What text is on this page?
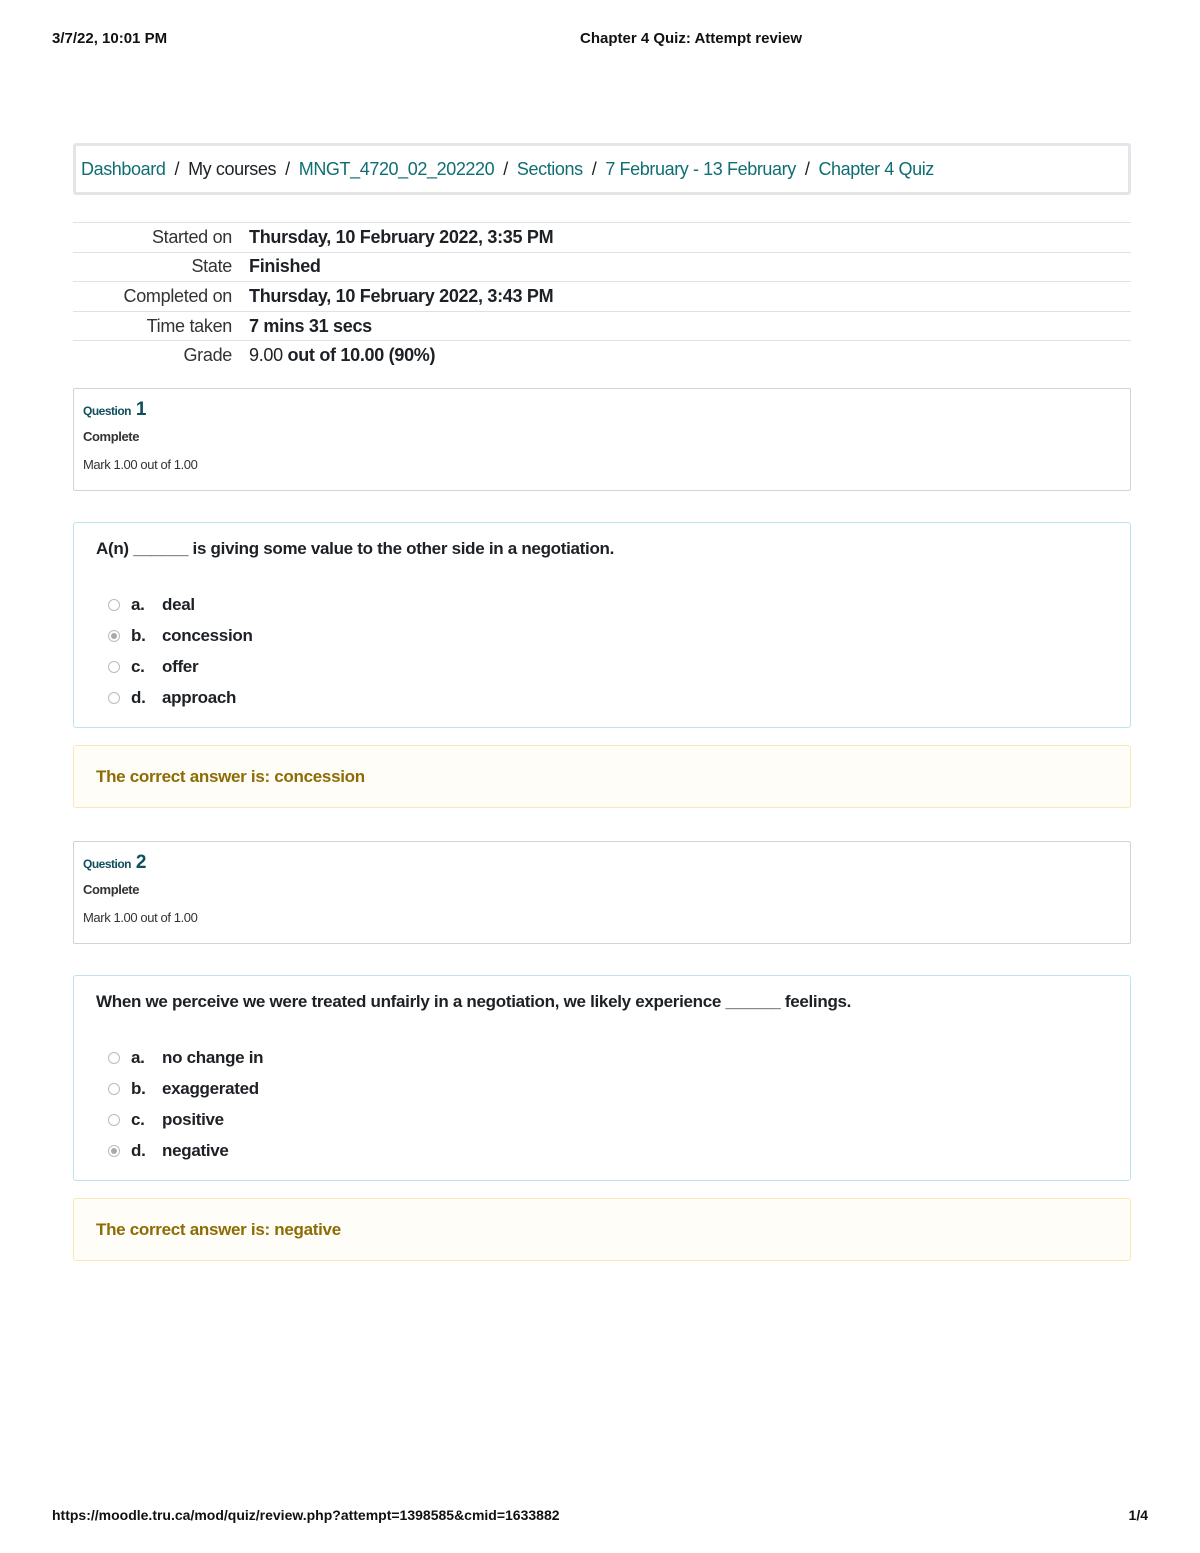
3/7/22, 10:01 PM	Chapter 4 Quiz: Attempt review
Dashboard / My courses / MNGT_4720_02_202220 / Sections / 7 February - 13 February / Chapter 4 Quiz
Started on	Thursday, 10 February 2022, 3:35 PM
State	Finished
Completed on	Thursday, 10 February 2022, 3:43 PM
Time taken	7 mins 31 secs
Grade	9.00 out of 10.00 (90%)
Question 1
Complete
Mark 1.00 out of 1.00
A(n) ______ is giving some value to the other side in a negotiation.
a.	deal
b. concession
c.	offer
d. approach
The correct answer is: concession
Question 2
Complete
Mark 1.00 out of 1.00
When we perceive we were treated unfairly in a negotiation, we likely experience ______ feelings.
a.	no change in
b. exaggerated
c.	positive
d. negative
The correct answer is: negative
https://moodle.tru.ca/mod/quiz/review.php?attempt=1398585&cmid=1633882	1/4
